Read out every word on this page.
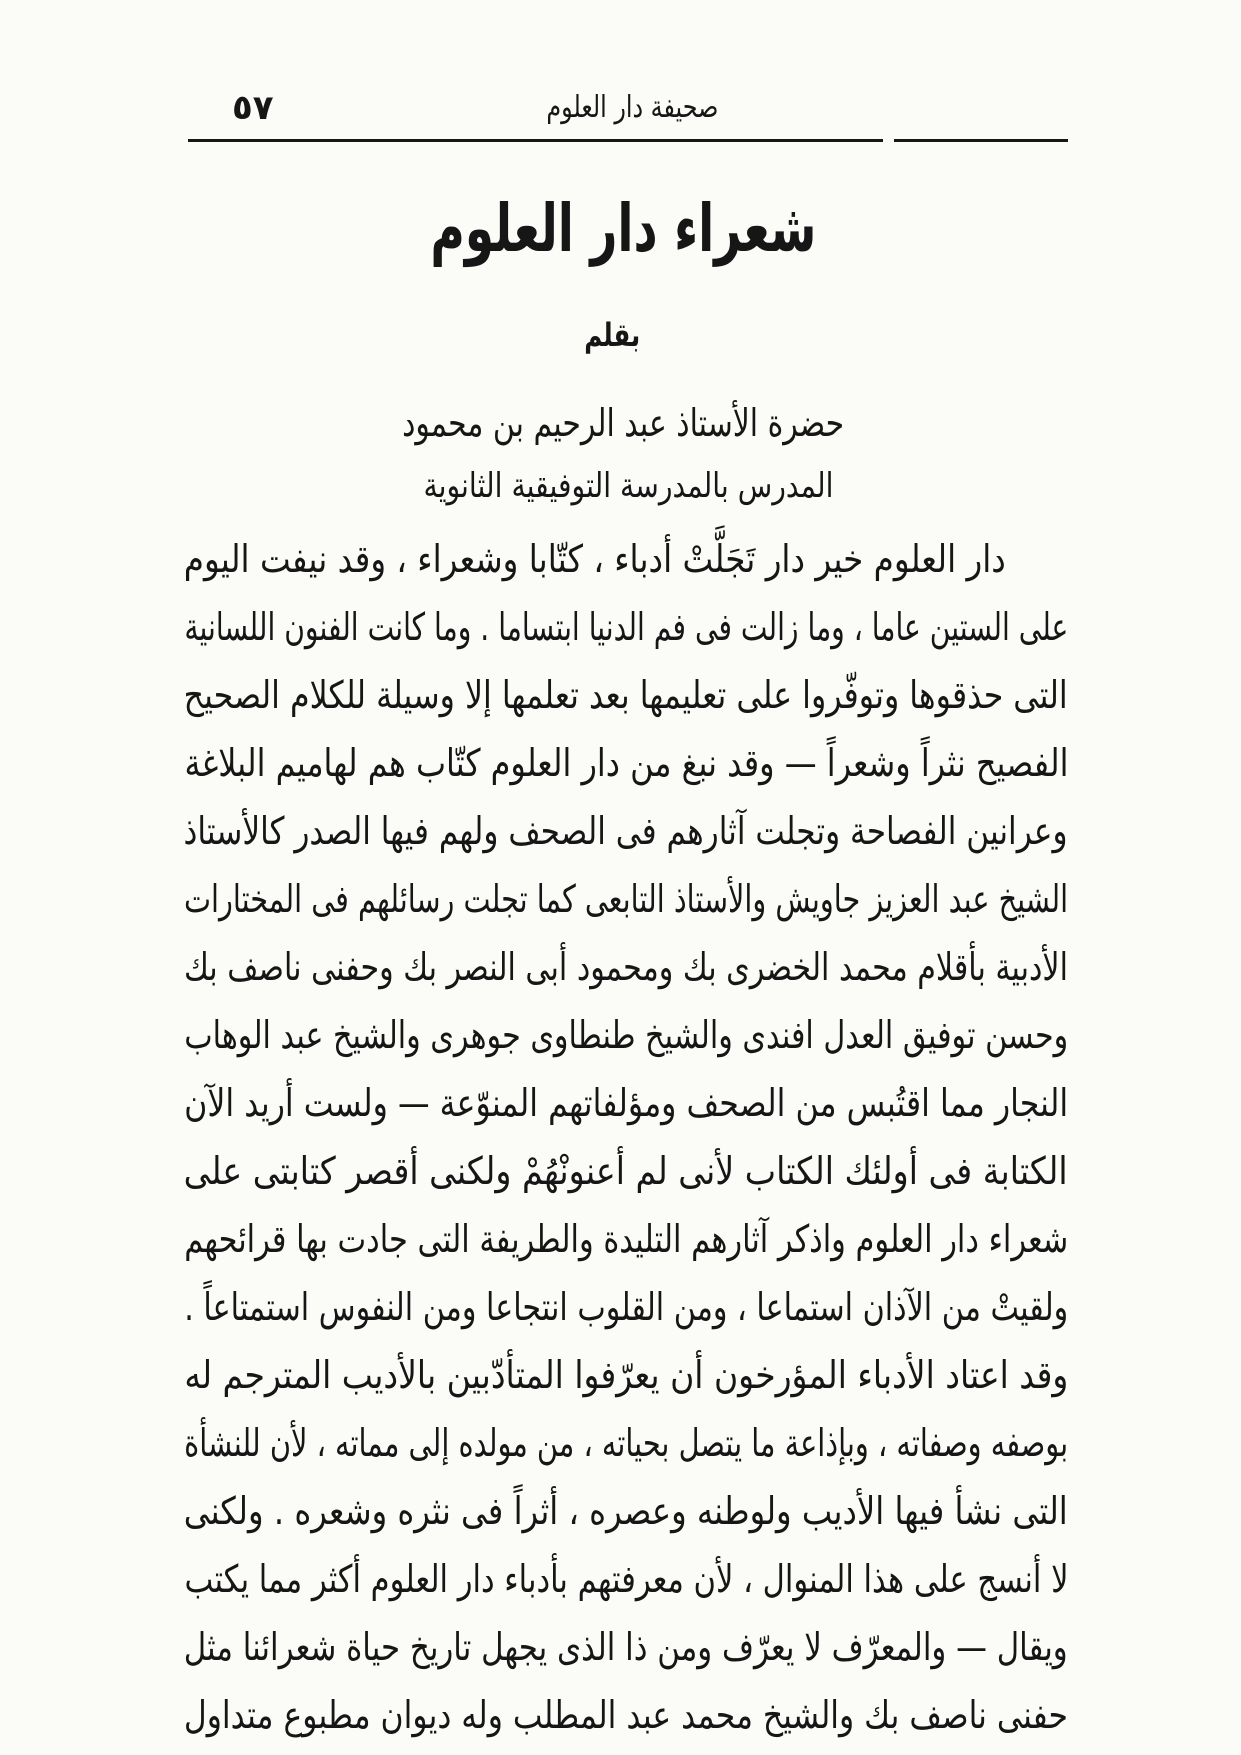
٥٧	صحيفة دار العلوم
شعراء دار العلوم
بقلم
حضرة الأستاذ عبد الرحيم بن محمود
المدرس بالمدرسة التوفيقية الثانوية
دار العلوم خير دار تَجَلَّتْ أدباء ، كتّابا وشعراء ، وقد نيفت اليوم
على الستين عاما ، وما زالت فى فم الدنيا ابتساما . وما كانت الفنون اللسانية
التى حذقوها وتوفّروا على تعليمها بعد تعلمها إلا وسيلة للكلام الصحيح
الفصيح نثراً وشعراً — وقد نبغ من دار العلوم كتّاب هم لهاميم البلاغة
وعرانين الفصاحة وتجلت آثارهم فى الصحف ولهم فيها الصدر كالأستاذ
الشيخ عبد العزيز جاويش والأستاذ التابعى كما تجلت رسائلهم فى المختارات
الأدبية بأقلام محمد الخضرى بك ومحمود أبى النصر بك وحفنى ناصف بك
وحسن توفيق العدل افندى والشيخ طنطاوى جوهرى والشيخ عبد الوهاب
النجار مما اقتُبس من الصحف ومؤلفاتهم المنوّعة — ولست أريد الآن
الكتابة فى أولئك الكتاب لأنى لم أعنونْهُمْ ولكنى أقصر كتابتى على
شعراء دار العلوم واذكر آثارهم التليدة والطريفة التى جادت بها قرائحهم
ولقيتْ من الآذان استماعا ، ومن القلوب انتجاعا ومن النفوس استمتاعاً .
وقد اعتاد الأدباء المؤرخون أن يعرّفوا المتأدّبين بالأديب المترجم له
بوصفه وصفاته ، وبإذاعة ما يتصل بحياته ، من مولده إلى مماته ، لأن للنشأة
التى نشأ فيها الأديب ولوطنه وعصره ، أثراً فى نثره وشعره . ولكنى
لا أنسج على هذا المنوال ، لأن معرفتهم بأدباء دار العلوم أكثر مما يكتب
ويقال — والمعرّف لا يعرّف ومن ذا الذى يجهل تاريخ حياة شعرائنا مثل
حفنى ناصف بك والشيخ محمد عبد المطلب وله ديوان مطبوع متداول
